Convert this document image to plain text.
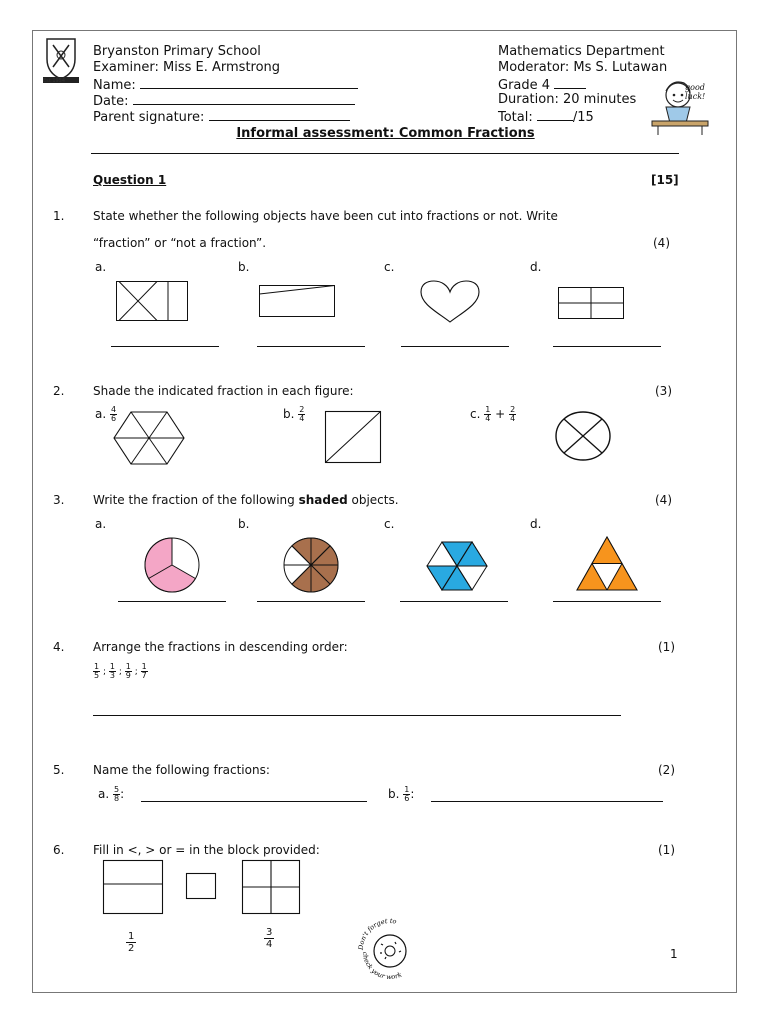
Est 1954
Bryanston Primary School
Examiner: Miss E. Armstrong
Name:
Date:
Parent signature:
Mathematics Department
Moderator: Ms S. Lutawan
Grade 4
Duration: 20 minutes
Total:	/15
good luck!
Informal assessment: Common Fractions
Question 1	[15]
1. State whether the following objects have been cut into fractions or not. Write
“fraction” or “not a fraction”.	(4)
a.	b.	c.	d.
2. Shade the indicated fraction in each figure:	(3)
a. $\frac{4}{6}$	b. $\frac{2}{4}$	c. $\frac{1}{4} + \frac{2}{4}$
3. Write the fraction of the following shaded objects.	(4)
a.	b.	c.	d.
4. Arrange the fractions in descending order:	(1)
$\frac{1}{5}$ ; $\frac{1}{3}$ ; $\frac{1}{9}$ ; $\frac{1}{7}$
5. Name the following fractions:	(2)
a. $\frac{5}{8}$ :	b. $\frac{1}{6}$ :
6. Fill in <, > or = in the block provided:	(1)
$\frac{1}{2}$	$\frac{3}{4}$	Don't forget to
check your work
1
